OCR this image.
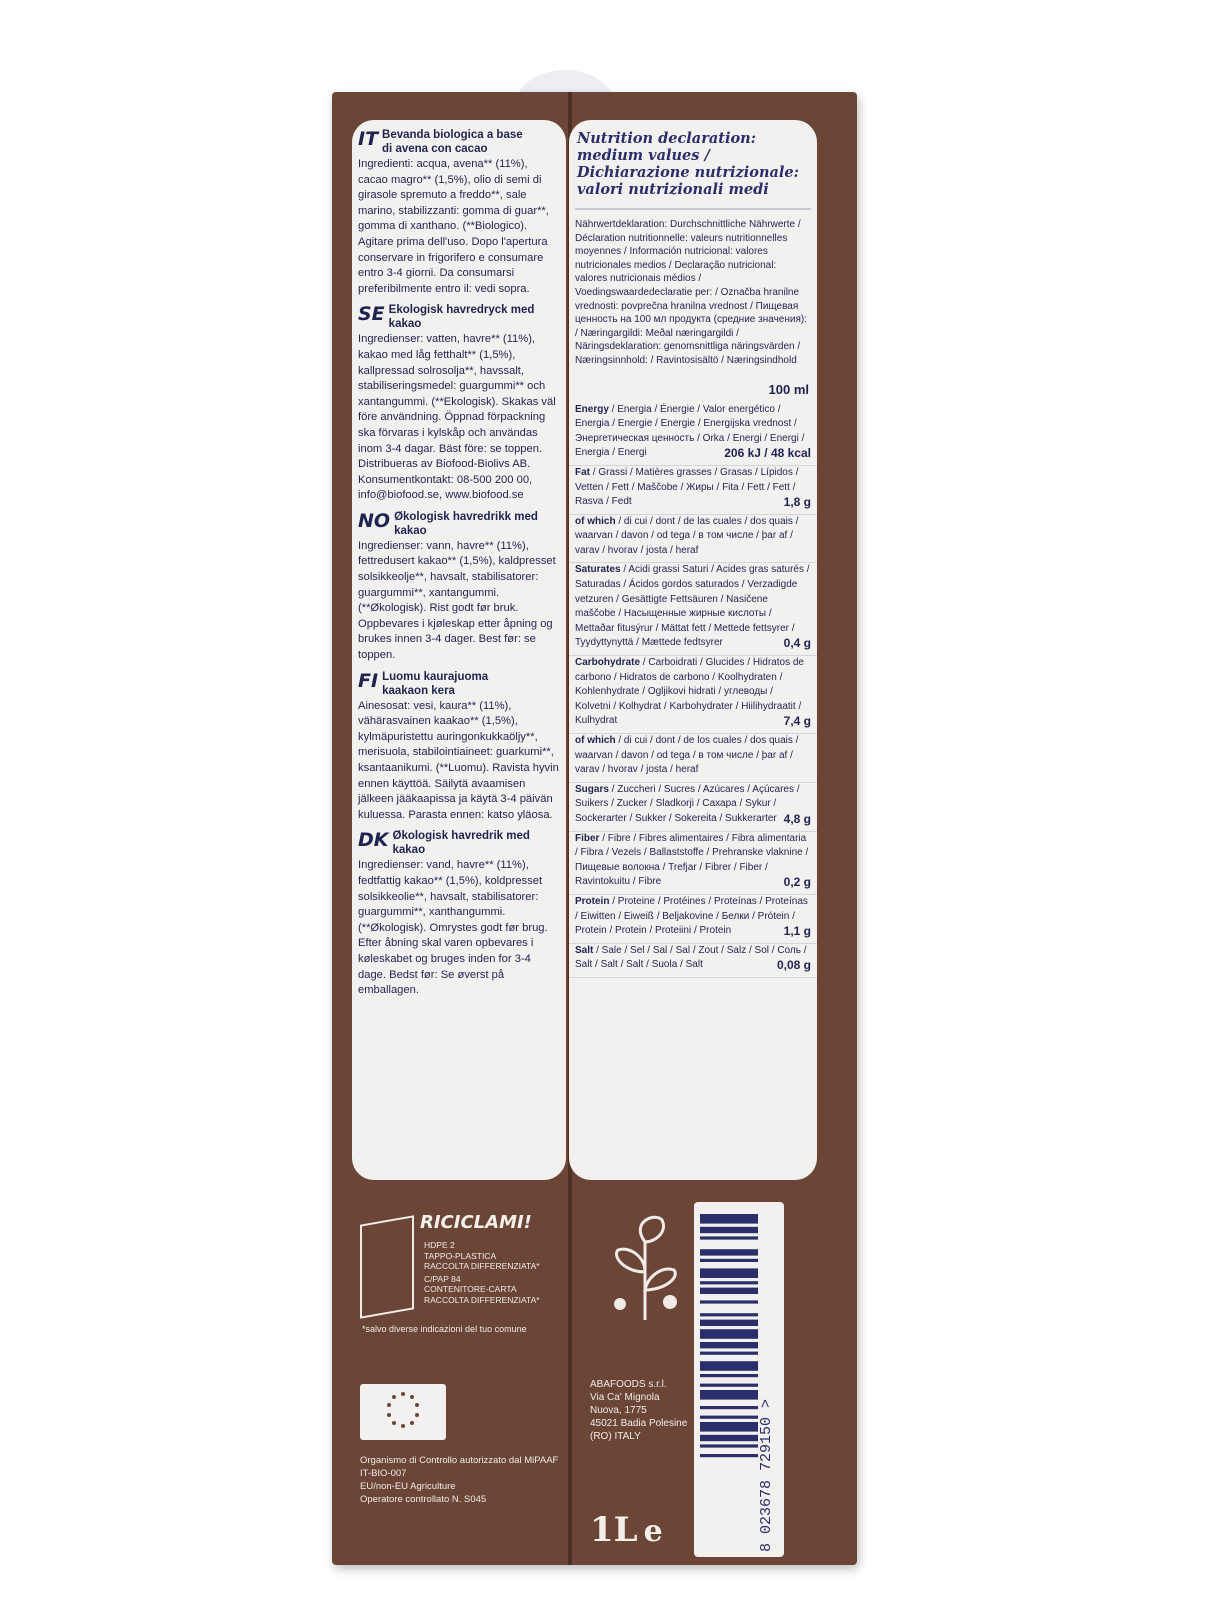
IT Bevanda biologica a base di avena con cacao
Ingredienti: acqua, avena** (11%), cacao magro** (1,5%), olio di semi di girasole spremuto a freddo**, sale marino, stabilizzanti: gomma di guar**, gomma di xanthano. (**Biologico). Agitare prima dell'uso. Dopo l'apertura conservare in frigorifero e consumare entro 3-4 giorni. Da consumarsi preferibilmente entro il: vedi sopra.
SE Ekologisk havredryck med kakao
Ingredienser: vatten, havre** (11%), kakao med låg fetthalt** (1,5%), kallpressad solrosolja**, havssalt, stabiliseringsmedel: guargummi** och xantangummi. (**Ekologisk). Skakas väl före användning. Öppnad förpackning ska förvaras i kylskåp och användas inom 3-4 dagar. Bäst före: se toppen. Distribueras av Biofood-Biolivs AB. Konsumentkontakt: 08-500 200 00, info@biofood.se, www.biofood.se
NO Økologisk havredrikk med kakao
Ingredienser: vann, havre** (11%), fettredusert kakao** (1,5%), kaldpresset solsikkeolje**, havsalt, stabilisatorer: guargummi**, xantangummi. (**Økologisk). Rist godt før bruk. Oppbevares i kjøleskap etter åpning og brukes innen 3-4 dager. Best før: se toppen.
FI Luomu kaurajuoma kaakaon kera
Ainesosat: vesi, kaura** (11%), vähärasvainen kaakao** (1,5%), kylmäpuristettu auringonkukkaöljy**, merisuola, stabilointiaineet: guarkumi**, ksantaanikumi. (**Luomu). Ravista hyvin ennen käyttöä. Säilytä avaamisen jälkeen jääkaapissa ja käytä 3-4 päivän kuluessa. Parasta ennen: katso yläosa.
DK Økologisk havredrik med kakao
Ingredienser: vand, havre** (11%), fedtfattig kakao** (1,5%), koldpresset solsikkeolie**, havsalt, stabilisatorer: guargummi**, xanthangummi. (**Økologisk). Omrystes godt før brug. Efter åbning skal varen opbevares i køleskabet og bruges inden for 3-4 dage. Bedst før: Se øverst på emballagen.
Nutrition declaration:
medium values /
Dichiarazione nutrizionale:
valori nutrizionali medi
Nährwertdeklaration: Durchschnittliche Nährwerte / Déclaration nutritionnelle: valeurs nutritionnelles moyennes / Información nutricional: valores nutricionales medios / Declaração nutricional: valores nutricionais médios / Voedingswaardedeclaratie per: / Označba hranilne vrednosti: povprečna hranilna vrednost / Пищевая ценность на 100 мл продукта (средние значения): / Næringargildi: Meðal næringargildi / Näringsdeklaration: genomsnittliga näringsvärden / Næringsinnhold: / Ravintosisältö / Næringsindhold
100 ml
Energy / Energia / Énergie / Valor energético / Energia / Energie / Energie / Energijska vrednost / Энергетическая ценность / Orka / Energi / Energi / Energia / Energi	206 kJ / 48 kcal
Fat / Grassi / Matières grasses / Grasas / Lípidos / Vetten / Fett / Maščobe / Жиры / Fita / Fett / Fett / Rasva / Fedt	1,8 g
of which / di cui / dont / de las cuales / dos quais / waarvan / davon / od tega / в том числе / þar af / varav / hvorav / josta / heraf
Saturates / Acidi grassi Saturi / Acides gras saturés / Saturadas / Ácidos gordos saturados / Verzadigde vetzuren / Gesättigte Fettsäuren / Nasičene maščobe / Насыщенные жирные кислоты / Mettaðar fitusýrur / Mättat fett / Mettede fettsyrer / Tyydyttynyttä / Mættede fedtsyrer	0,4 g
Carbohydrate / Carboidrati / Glucides / Hidratos de carbono / Hidratos de carbono / Koolhydraten / Kohlenhydrate / Ogljikovi hidrati / углеводы / Kolvetni / Kolhydrat / Karbohydrater / Hiilihydraatit / Kulhydrat	7,4 g
of which / di cui / dont / de los cuales / dos quais / waarvan / davon / od tega / в том числе / þar af / varav / hvorav / josta / heraf
Sugars / Zuccheri / Sucres / Azúcares / Açúcares / Suikers / Zucker / Sladkorji / Сахара / Sykur / Sockerarter / Sukker / Sokereita / Sukkerarter 4,8 g
Fiber / Fibre / Fibres alimentaires / Fibra alimentaria / Fibra / Vezels / Ballaststoffe / Prehranske vlaknine / Пищевые волокна / Trefjar / Fibrer / Fiber / Ravintokuitu / Fibre	0,2 g
Protein / Proteine / Protéines / Proteínas / Proteínas / Eiwitten / Eiweiß / Beljakovine / Белки / Prótein / Protein / Protein / Proteiini / Protein	1,1 g
Salt / Sale / Sel / Sal / Sal / Zout / Salz / Sol / Соль / Salt / Salt / Salt / Suola / Salt	0,08 g
RICICLAMI!
HDPE 2
TAPPO-PLASTICA
RACCOLTA DIFFERENZIATA*
C/PAP 84
CONTENITORE-CARTA
RACCOLTA DIFFERENZIATA*
*salvo diverse indicazioni del tuo comune
Organismo di Controllo autorizzato dal MiPAAF
IT-BIO-007
EU/non-EU Agriculture
Operatore controllato N. S045
ABAFOODS s.r.l.
Via Ca' Mignola
Nuova, 1775
45021 Badia Polesine
(RO) ITALY
1L e	8 023678 729150 >
